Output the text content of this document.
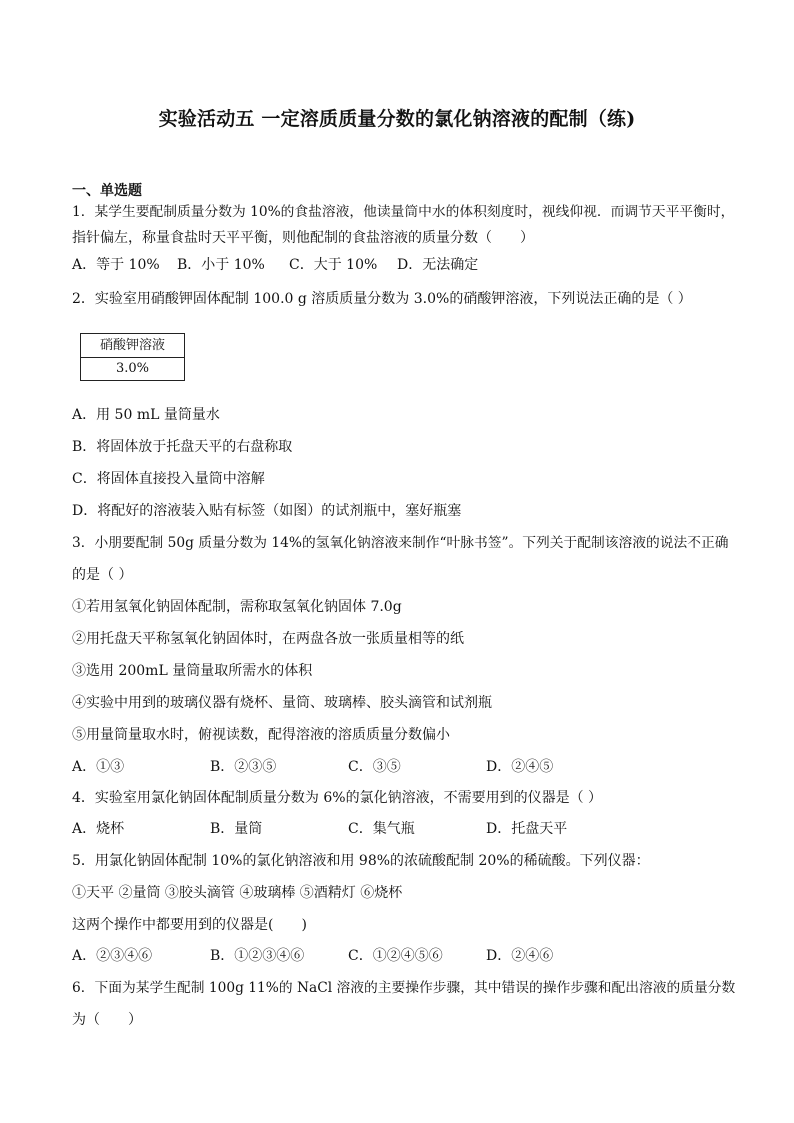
实验活动五 一定溶质质量分数的氯化钠溶液的配制（练)
一、单选题
1．某学生要配制质量分数为 10%的食盐溶液，他读量筒中水的体积刻度时，视线仰视．而调节天平平衡时，
指针偏左，称量食盐时天平平衡，则他配制的食盐溶液的质量分数（　　）
A．等于 10% B．小于 10% C．大于 10% D．无法确定
2．实验室用硝酸钾固体配制 100.0 g 溶质质量分数为 3.0%的硝酸钾溶液，下列说法正确的是（ ）
硝酸钾溶液
3.0%
A．用 50 mL 量筒量水
B．将固体放于托盘天平的右盘称取
C．将固体直接投入量筒中溶解
D．将配好的溶液装入贴有标签（如图）的试剂瓶中，塞好瓶塞
3．小朋要配制 50g 质量分数为 14%的氢氧化钠溶液来制作“叶脉书签”。下列关于配制该溶液的说法不正确
的是（ ）
①若用氢氧化钠固体配制，需称取氢氧化钠固体 7.0g
②用托盘天平称氢氧化钠固体时，在两盘各放一张质量相等的纸
③选用 200mL 量筒量取所需水的体积
④实验中用到的玻璃仪器有烧杯、量筒、玻璃棒、胶头滴管和试剂瓶
⑤用量筒量取水时，俯视读数，配得溶液的溶质质量分数偏小
A．①③	B．②③⑤	C．③⑤	D．②④⑤
4．实验室用氯化钠固体配制质量分数为 6%的氯化钠溶液，不需要用到的仪器是（ ）
A．烧杯	B．量筒	C．集气瓶	D．托盘天平
5．用氯化钠固体配制 10%的氯化钠溶液和用 98%的浓硫酸配制 20%的稀硫酸。下列仪器：
①天平 ②量筒 ③胶头滴管 ④玻璃棒 ⑤酒精灯 ⑥烧杯
这两个操作中都要用到的仪器是(　　)
A．②③④⑥	B．①②③④⑥	C．①②④⑤⑥	D．②④⑥
6．下面为某学生配制 100g 11%的 NaCl 溶液的主要操作步骤，其中错误的操作步骤和配出溶液的质量分数
为（　　）
